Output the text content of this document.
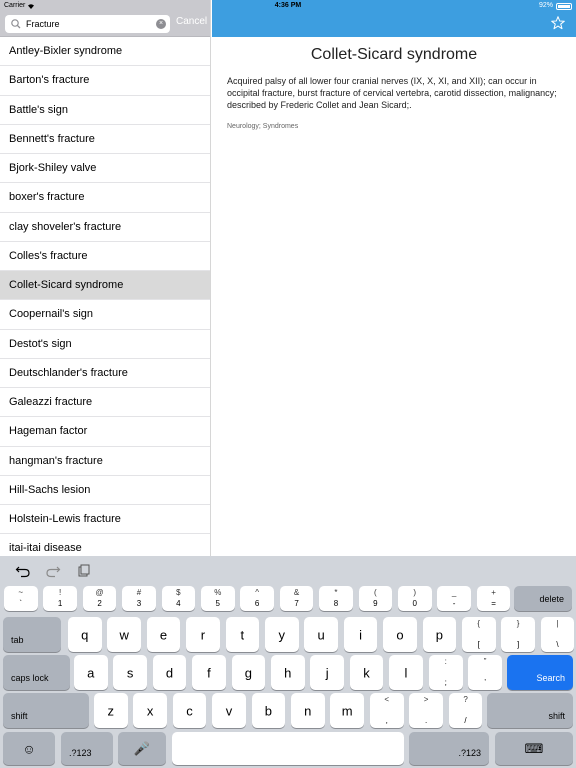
Carrier	4:36 PM	92%
Fracture
× Cancel
Antley-Bixler syndrome
Barton's fracture
Battle's sign
Bennett's fracture
Bjork-Shiley valve
boxer's fracture
clay shoveler's fracture
Colles's fracture
Collet-Sicard syndrome
Coopernail's sign
Destot's sign
Deutschlander's fracture
Galeazzi fracture
Hageman factor
hangman's fracture
Hill-Sachs lesion
Holstein-Lewis fracture
itai-itai disease
Collet-Sicard syndrome
Acquired palsy of all lower four cranial nerves (IX, X, XI, and XII); can occur in occipital fracture, burst fracture of cervical vertebra, carotid dissection, malignancy; described by Frederic Collet and Jean Sicard;.
Neurology; Syndromes
~
`
!
1
@
2
#
3
$
4
%
5
^
6
&
7
*
8
(
9
)
0
_
-
+
=	delete
tab	q	w	e	r	t	y	u	i	o	p
{
[
}
]
|
\
caps lock	a	s	d	f	g	h	j	k	l
:
;
”
’	Search
shift	z	x	c	v	b	n	m
<
,
>
.
?
/	shift
☺	.?123	🎤	.?123	⌨
